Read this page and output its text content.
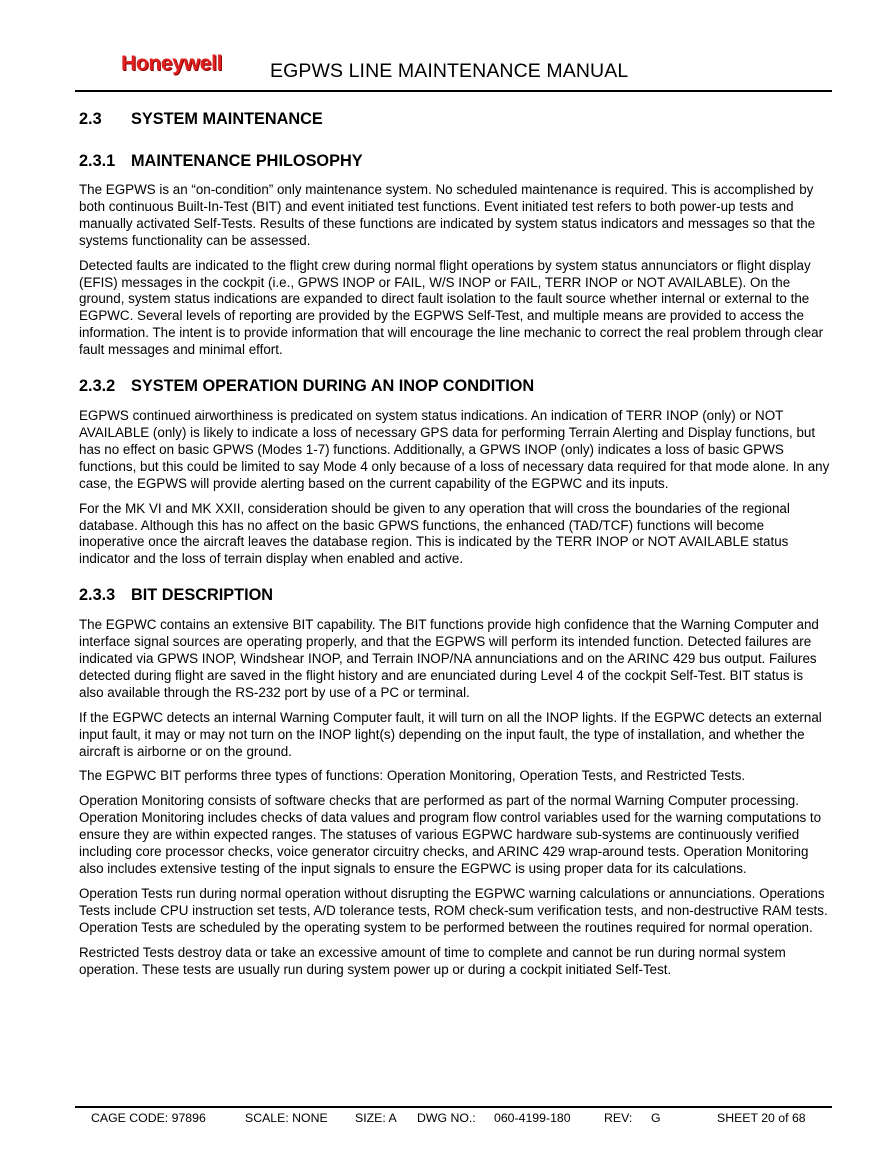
Honeywell EGPWS LINE MAINTENANCE MANUAL
2.3 SYSTEM MAINTENANCE
2.3.1 MAINTENANCE PHILOSOPHY

The EGPWS is an “on-condition” only maintenance system. No scheduled maintenance is required. This is accomplished by both continuous Built-In-Test (BIT) and event initiated test functions. Event initiated test refers to both power-up tests and manually activated Self-Tests. Results of these functions are indicated by system status indicators and messages so that the systems functionality can be assessed.

Detected faults are indicated to the flight crew during normal flight operations by system status annunciators or flight display (EFIS) messages in the cockpit (i.e., GPWS INOP or FAIL, W/S INOP or FAIL, TERR INOP or NOT AVAILABLE). On the ground, system status indications are expanded to direct fault isolation to the fault source whether internal or external to the EGPWC. Several levels of reporting are provided by the EGPWS Self-Test, and multiple means are provided to access the information. The intent is to provide information that will encourage the line mechanic to correct the real problem through clear fault messages and minimal effort.

2.3.2 SYSTEM OPERATION DURING AN INOP CONDITION

EGPWS continued airworthiness is predicated on system status indications. An indication of TERR INOP (only) or NOT AVAILABLE (only) is likely to indicate a loss of necessary GPS data for performing Terrain Alerting and Display functions, but has no effect on basic GPWS (Modes 1-7) functions. Additionally, a GPWS INOP (only) indicates a loss of basic GPWS functions, but this could be limited to say Mode 4 only because of a loss of necessary data required for that mode alone. In any case, the EGPWS will provide alerting based on the current capability of the EGPWC and its inputs.

For the MK VI and MK XXII, consideration should be given to any operation that will cross the boundaries of the regional database. Although this has no affect on the basic GPWS functions, the enhanced (TAD/TCF) functions will become inoperative once the aircraft leaves the database region. This is indicated by the TERR INOP or NOT AVAILABLE status indicator and the loss of terrain display when enabled and active.

2.3.3 BIT DESCRIPTION

The EGPWC contains an extensive BIT capability. The BIT functions provide high confidence that the Warning Computer and interface signal sources are operating properly, and that the EGPWS will perform its intended function. Detected failures are indicated via GPWS INOP, Windshear INOP, and Terrain INOP/NA annunciations and on the ARINC 429 bus output. Failures detected during flight are saved in the flight history and are enunciated during Level 4 of the cockpit Self-Test. BIT status is also available through the RS-232 port by use of a PC or terminal.

If the EGPWC detects an internal Warning Computer fault, it will turn on all the INOP lights. If the EGPWC detects an external input fault, it may or may not turn on the INOP light(s) depending on the input fault, the type of installation, and whether the aircraft is airborne or on the ground.

The EGPWC BIT performs three types of functions: Operation Monitoring, Operation Tests, and Restricted Tests.

Operation Monitoring consists of software checks that are performed as part of the normal Warning Computer processing. Operation Monitoring includes checks of data values and program flow control variables used for the warning computations to ensure they are within expected ranges. The statuses of various EGPWC hardware sub-systems are continuously verified including core processor checks, voice generator circuitry checks, and ARINC 429 wrap-around tests. Operation Monitoring also includes extensive testing of the input signals to ensure the EGPWC is using proper data for its calculations.

Operation Tests run during normal operation without disrupting the EGPWC warning calculations or annunciations. Operations Tests include CPU instruction set tests, A/D tolerance tests, ROM check-sum verification tests, and non-destructive RAM tests. Operation Tests are scheduled by the operating system to be performed between the routines required for normal operation.

Restricted Tests destroy data or take an excessive amount of time to complete and cannot be run during normal system operation. These tests are usually run during system power up or during a cockpit initiated Self-Test.

CAGE CODE: 97896	SCALE: NONE SIZE: A DWG NO.: 060-4199-180	REV: G	SHEET 20 of 68
